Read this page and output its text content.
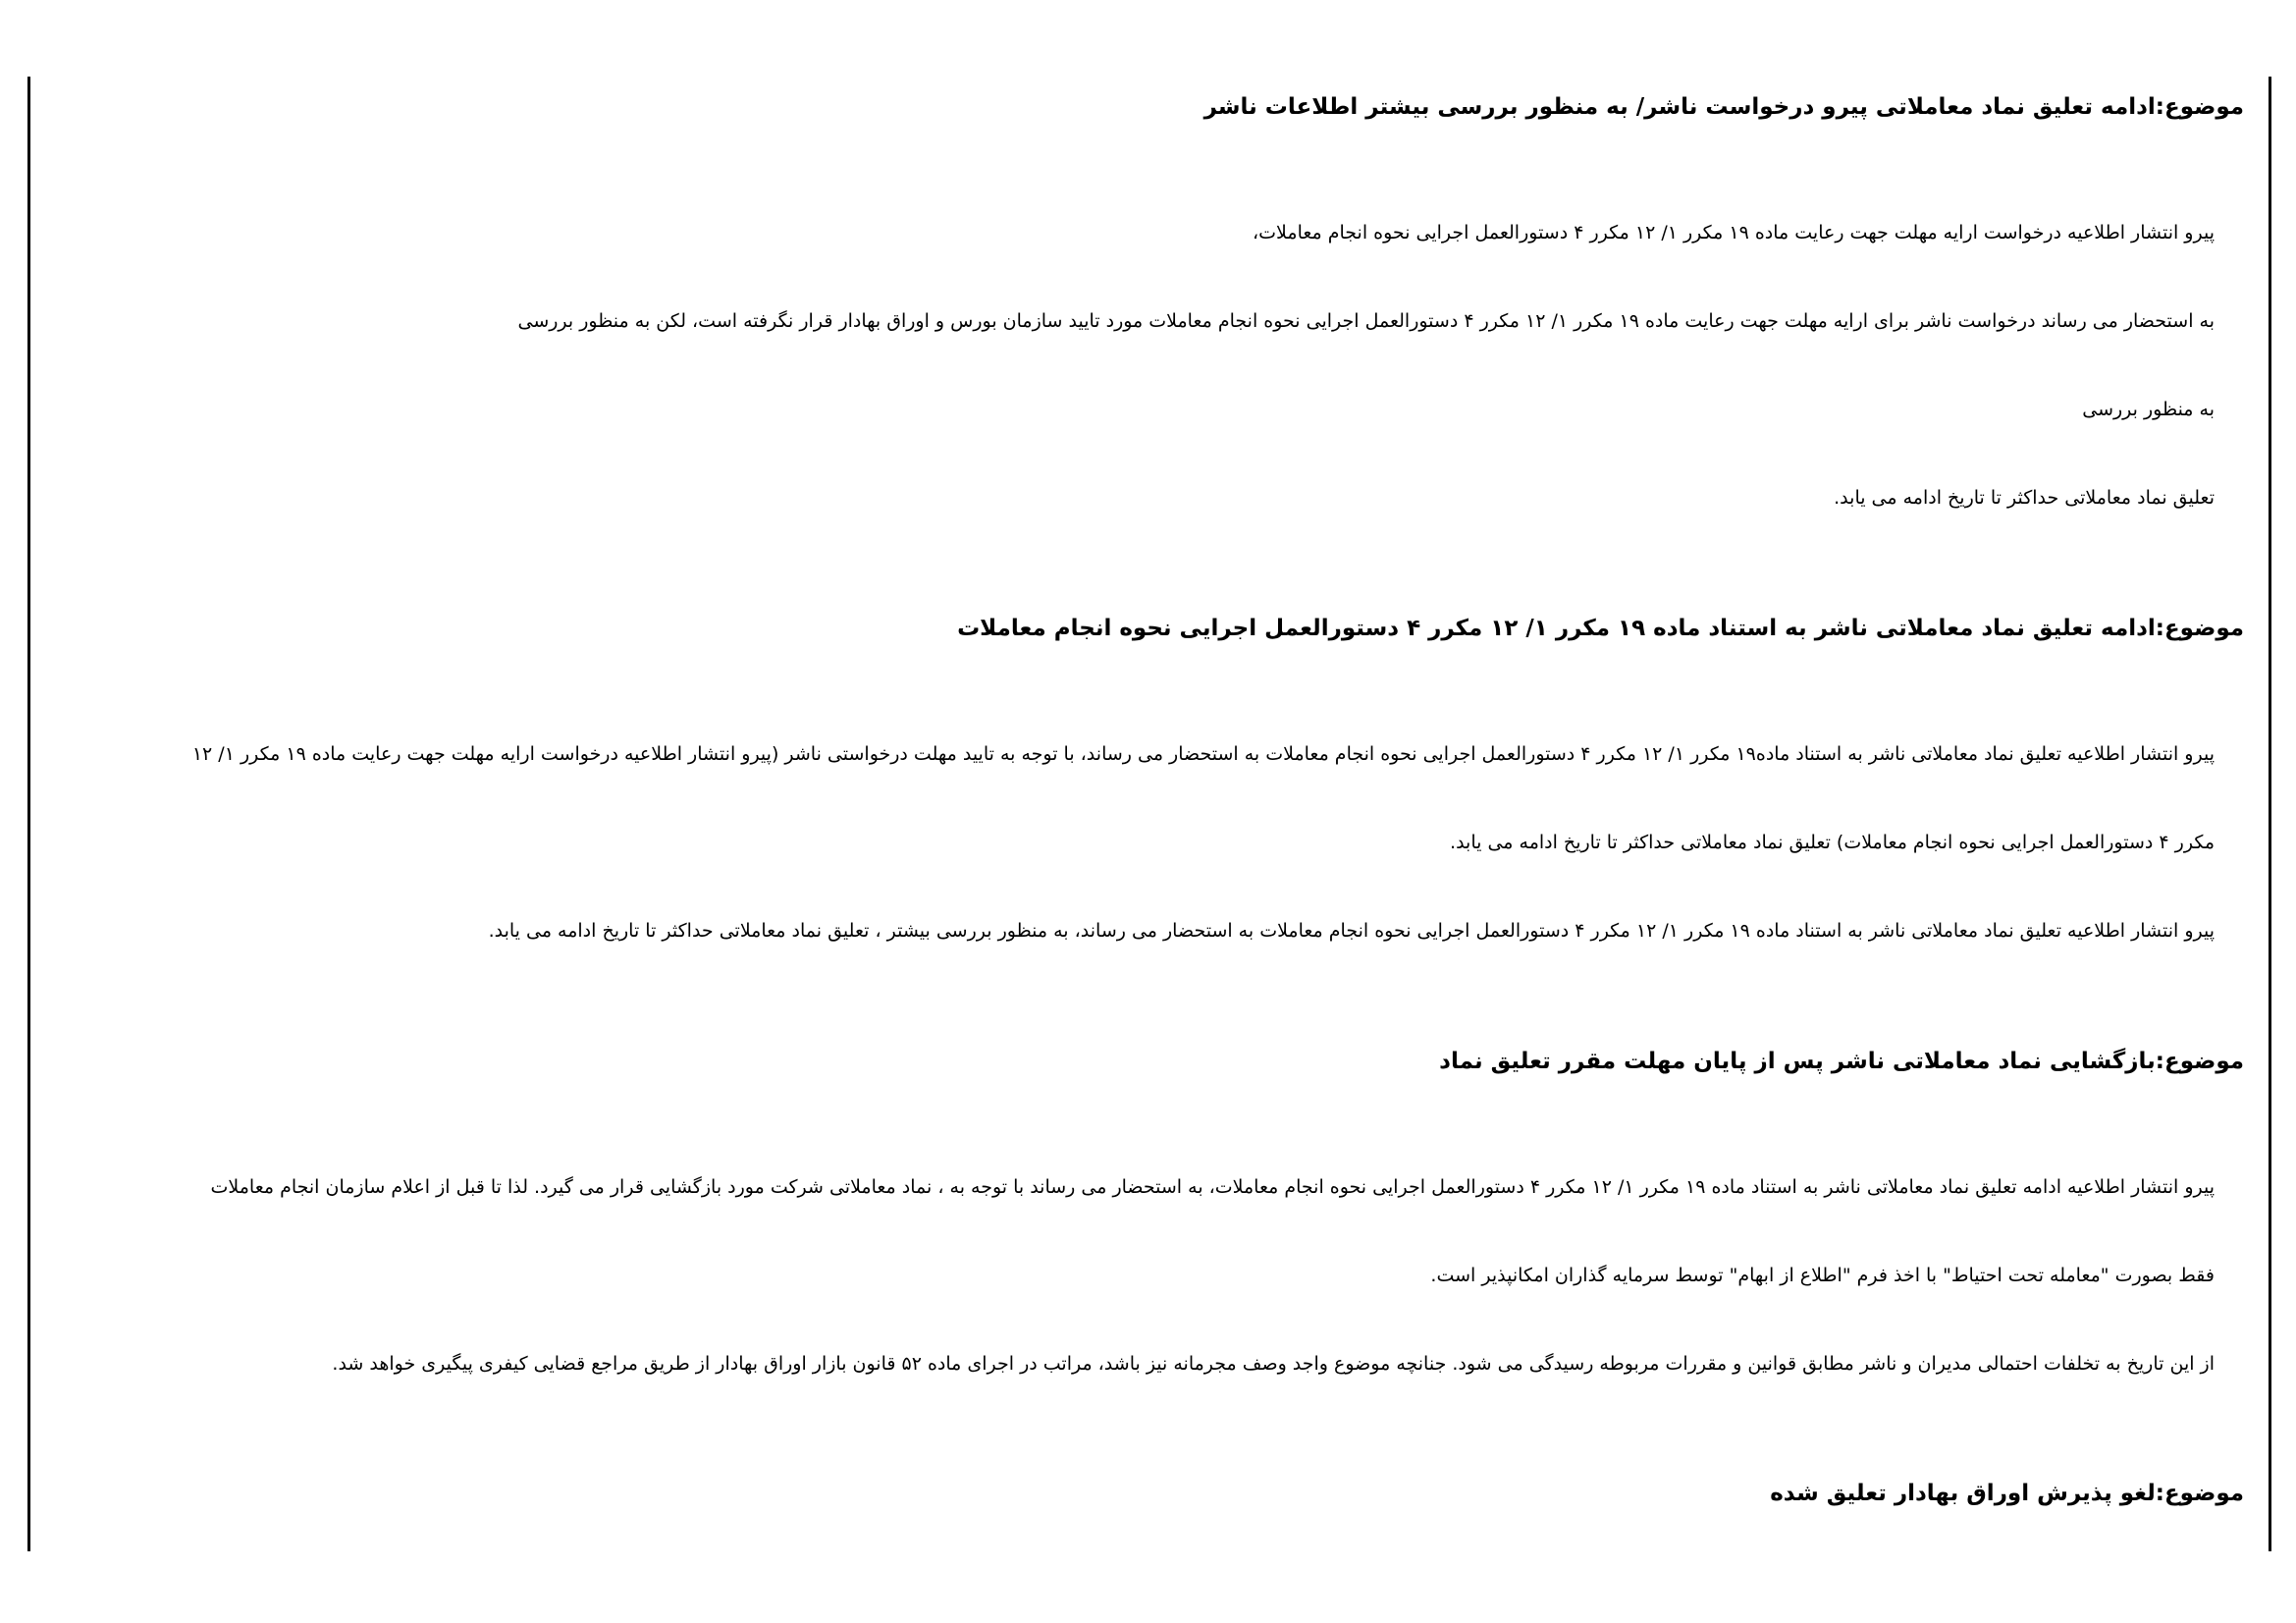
موضوع:ادامه تعلیق نماد معاملاتی پیرو درخواست ناشر/ به منظور بررسی بیشتر اطلاعات ناشر
پیرو انتشار اطلاعیه درخواست ارایه مهلت جهت رعایت ماده ۱۹ مکرر ۱/ ۱۲ مکرر ۴ دستورالعمل اجرایی نحوه انجام معاملات،
به استحضار می رساند درخواست ناشر برای ارایه مهلت جهت رعایت ماده ۱۹ مکرر ۱/ ۱۲ مکرر ۴ دستورالعمل اجرایی نحوه انجام معاملات مورد تایید سازمان بورس و اوراق بهادار قرار نگرفته است، لکن به منظور بررسی
به منظور بررسی
تعلیق نماد معاملاتی حداکثر تا تاریخ ادامه می یابد.
موضوع:ادامه تعلیق نماد معاملاتی ناشر به استناد ماده ۱۹ مکرر ۱/ ۱۲ مکرر ۴ دستورالعمل اجرایی نحوه انجام معاملات
پیرو انتشار اطلاعیه تعلیق نماد معاملاتی ناشر به استناد ماده۱۹ مکرر ۱/ ۱۲ مکرر ۴ دستورالعمل اجرایی نحوه انجام معاملات به استحضار می رساند، با توجه به تایید مهلت درخواستی ناشر (پیرو انتشار اطلاعیه درخواست ارایه مهلت جهت رعایت ماده ۱۹ مکرر ۱/ ۱۲
مکرر ۴ دستورالعمل اجرایی نحوه انجام معاملات) تعلیق نماد معاملاتی حداکثر تا تاریخ ادامه می یابد.
پیرو انتشار اطلاعیه تعلیق نماد معاملاتی ناشر به استناد ماده ۱۹ مکرر ۱/ ۱۲ مکرر ۴ دستورالعمل اجرایی نحوه انجام معاملات به استحضار می رساند، به منظور بررسی بیشتر ، تعلیق نماد معاملاتی حداکثر تا تاریخ ادامه می یابد.
موضوع:بازگشایی نماد معاملاتی ناشر پس از پایان مهلت مقرر تعلیق نماد
پیرو انتشار اطلاعیه ادامه تعلیق نماد معاملاتی ناشر به استناد ماده ۱۹ مکرر ۱/ ۱۲ مکرر ۴ دستورالعمل اجرایی نحوه انجام معاملات، به استحضار می رساند با توجه به ، نماد معاملاتی شرکت مورد بازگشایی قرار می گیرد. لذا تا قبل از اعلام سازمان انجام معاملات
فقط بصورت "معامله تحت احتیاط" با اخذ فرم "اطلاع از ابهام" توسط سرمایه گذاران امکانپذیر است.
از این تاریخ به تخلفات احتمالی مدیران و ناشر مطابق قوانین و مقررات مربوطه رسیدگی می شود. جنانچه موضوع واجد وصف مجرمانه نیز باشد، مراتب در اجرای ماده ۵۲ قانون بازار اوراق بهادار از طریق مراجع قضایی کیفری پیگیری خواهد شد.
موضوع:لغو پذیرش اوراق بهادار تعلیق شده
